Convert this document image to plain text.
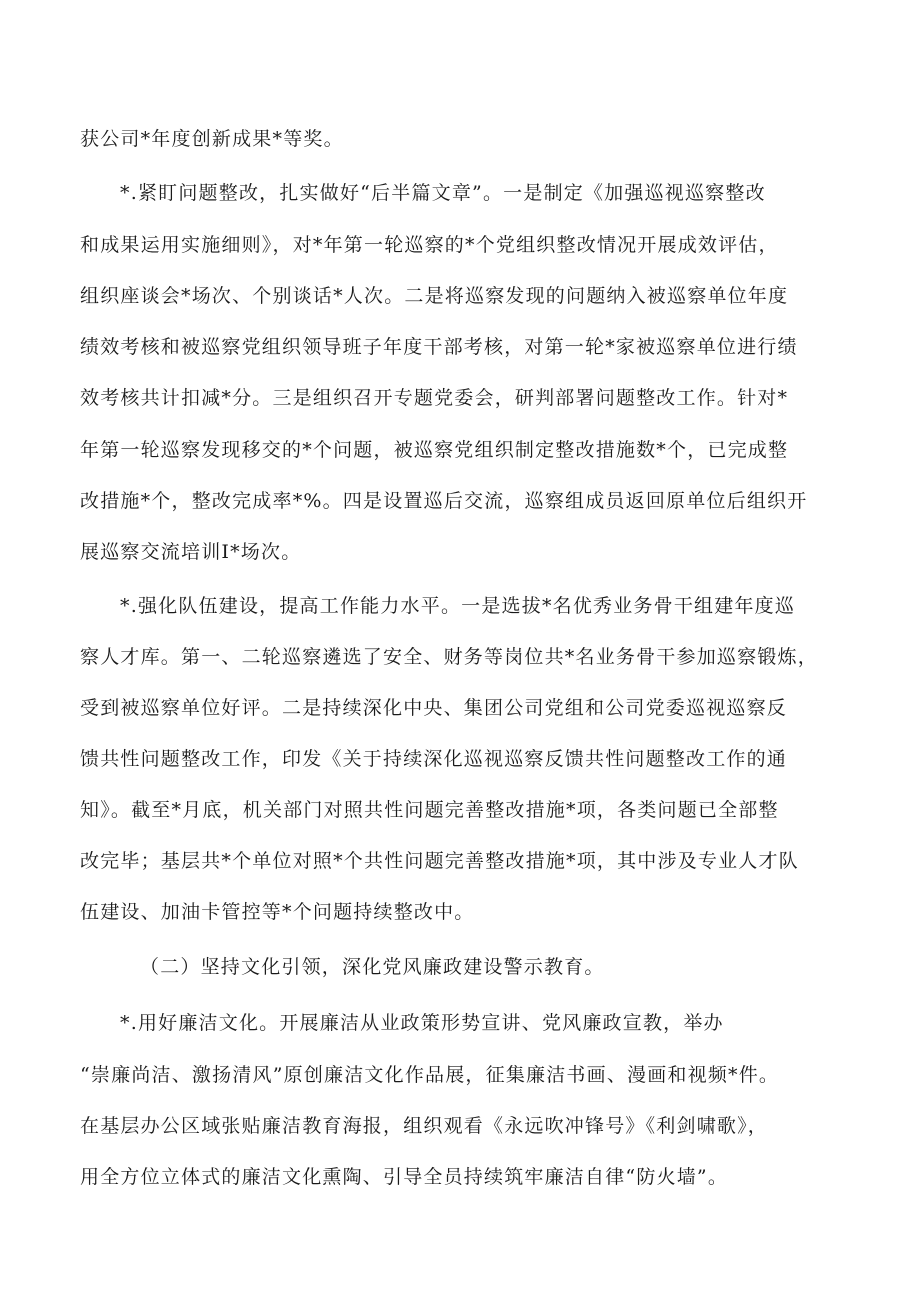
获公司*年度创新成果*等奖。
*.紧盯问题整改，扎实做好“后半篇文章”。一是制定《加强巡视巡察整改
和成果运用实施细则》，对*年第一轮巡察的*个党组织整改情况开展成效评估，
组织座谈会*场次、个别谈话*人次。二是将巡察发现的问题纳入被巡察单位年度
绩效考核和被巡察党组织领导班子年度干部考核，对第一轮*家被巡察单位进行绩
效考核共计扣减*分。三是组织召开专题党委会，研判部署问题整改工作。针对*
年第一轮巡察发现移交的*个问题，被巡察党组织制定整改措施数*个，已完成整
改措施*个，整改完成率*%。四是设置巡后交流，巡察组成员返回原单位后组织开
展巡察交流培训I*场次。
*.强化队伍建设，提高工作能力水平。一是选拔*名优秀业务骨干组建年度巡
察人才库。第一、二轮巡察遴选了安全、财务等岗位共*名业务骨干参加巡察锻炼，
受到被巡察单位好评。二是持续深化中央、集团公司党组和公司党委巡视巡察反
馈共性问题整改工作，印发《关于持续深化巡视巡察反馈共性问题整改工作的通
知》。截至*月底，机关部门对照共性问题完善整改措施*项，各类问题已全部整
改完毕；基层共*个单位对照*个共性问题完善整改措施*项，其中涉及专业人才队
伍建设、加油卡管控等*个问题持续整改中。
（二）坚持文化引领，深化党风廉政建设警示教育。
*.用好廉洁文化。开展廉洁从业政策形势宣讲、党风廉政宣教，举办
“崇廉尚洁、激扬清风”原创廉洁文化作品展，征集廉洁书画、漫画和视频*件。
在基层办公区域张贴廉洁教育海报，组织观看《永远吹冲锋号》《利剑啸歌》，
用全方位立体式的廉洁文化熏陶、引导全员持续筑牢廉洁自律“防火墙”。
